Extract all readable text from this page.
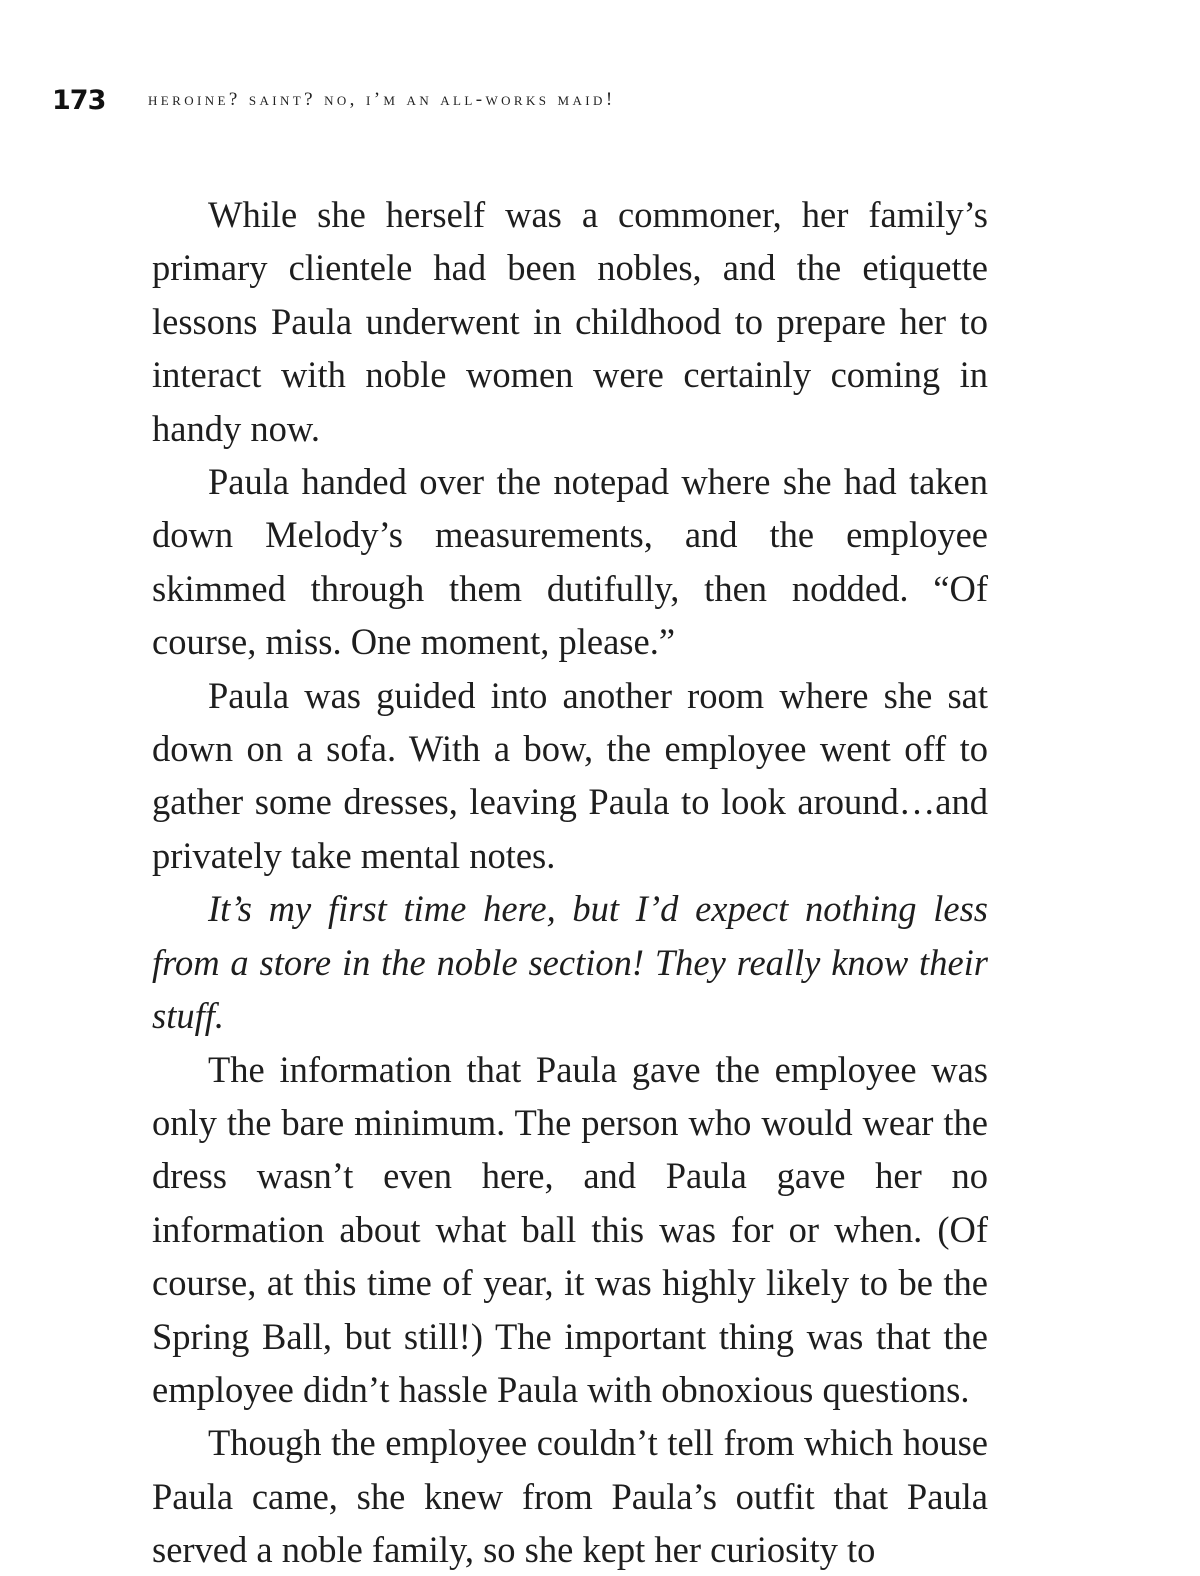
173	heroine? saint? no, i’m an all-works maid!

While she herself was a commoner, her family’s primary clientele had been nobles, and the etiquette lessons Paula underwent in childhood to prepare her to interact with noble women were certainly coming in handy now.

Paula handed over the notepad where she had taken down Melody’s measurements, and the employee skimmed through them dutifully, then nodded. “Of course, miss. One moment, please.”

Paula was guided into another room where she sat down on a sofa. With a bow, the employee went off to gather some dresses, leaving Paula to look around…and privately take mental notes.

It’s my first time here, but I’d expect nothing less from a store in the noble section! They really know their stuff.

The information that Paula gave the employee was only the bare minimum. The person who would wear the dress wasn’t even here, and Paula gave her no information about what ball this was for or when. (Of course, at this time of year, it was highly likely to be the Spring Ball, but still!) The important thing was that the employee didn’t hassle Paula with obnoxious questions.

Though the employee couldn’t tell from which house Paula came, she knew from Paula’s outfit that Paula served a noble family, so she kept her curiosity to
